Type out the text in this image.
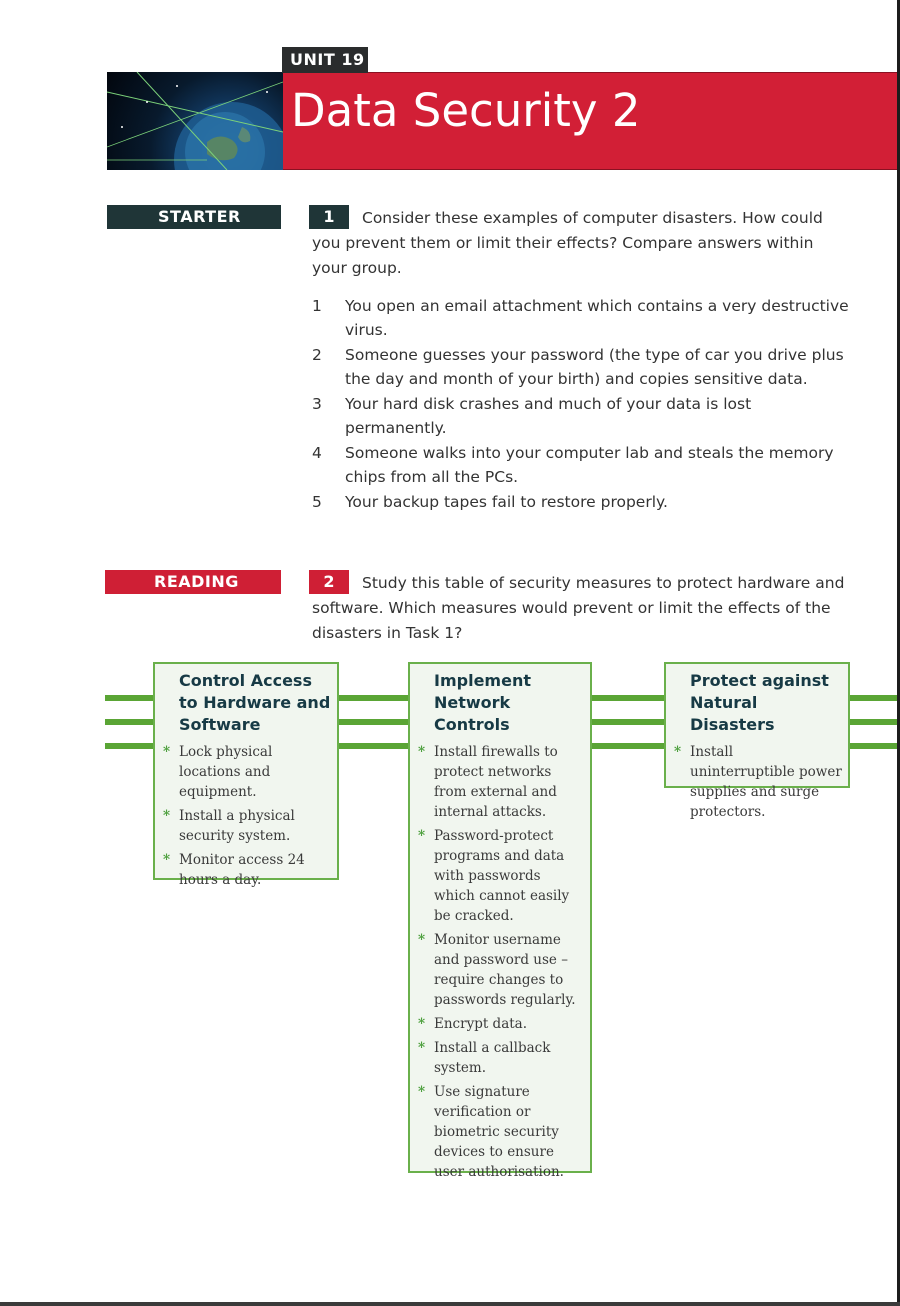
UNIT 19
Data Security 2
STARTER	1	Consider these examples of computer disasters. How could you prevent them or limit their effects? Compare answers within your group.
1 You open an email attachment which contains a very destructive virus.
2 Someone guesses your password (the type of car you drive plus the day and month of your birth) and copies sensitive data.
3 Your hard disk crashes and much of your data is lost permanently.
4 Someone walks into your computer lab and steals the memory chips from all the PCs.
5 Your backup tapes fail to restore properly.
READING	2	Study this table of security measures to protect hardware and software. Which measures would prevent or limit the effects of the disasters in Task 1?
Control Access to Hardware and Software
* Lock physical locations and equipment.
* Install a physical security system.
* Monitor access 24 hours a day.
Implement Network Controls
* Install firewalls to protect networks from external and internal attacks.
* Password-protect programs and data with passwords which cannot easily be cracked.
* Monitor username and password use – require changes to passwords regularly.
* Encrypt data.
* Install a callback system.
* Use signature verification or biometric security devices to ensure user authorisation.
Protect against Natural Disasters
* Install uninterruptible power supplies and surge protectors.
